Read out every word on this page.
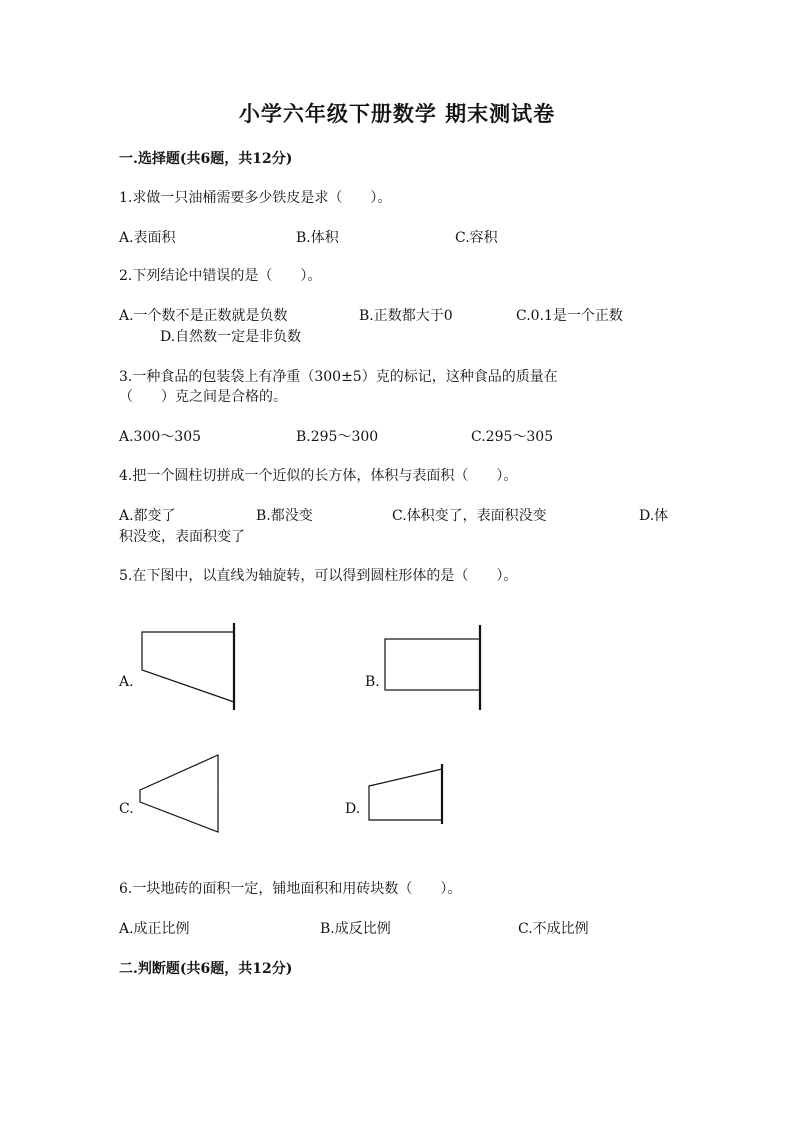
小学六年级下册数学 期末测试卷
一.选择题(共6题，共12分)
1.求做一只油桶需要多少铁皮是求（　　）。
A.表面积	B.体积	C.容积
2.下列结论中错误的是（　　）。
A.一个数不是正数就是负数	B.正数都大于0	C.0.1是一个正数
D.自然数一定是非负数
3.一种食品的包装袋上有净重（300±5）克的标记，这种食品的质量在
（　　）克之间是合格的。
A.300～305	B.295～300	C.295～305
4.把一个圆柱切拼成一个近似的长方体，体积与表面积（　　）。
A.都变了	B.都没变	C.体积变了，表面积没变	D.体
积没变，表面积变了
5.在下图中，以直线为轴旋转，可以得到圆柱形体的是（　　）。
A.	B.
C.	D.
6.一块地砖的面积一定，铺地面积和用砖块数（　　）。
A.成正比例	B.成反比例	C.不成比例
二.判断题(共6题，共12分)
